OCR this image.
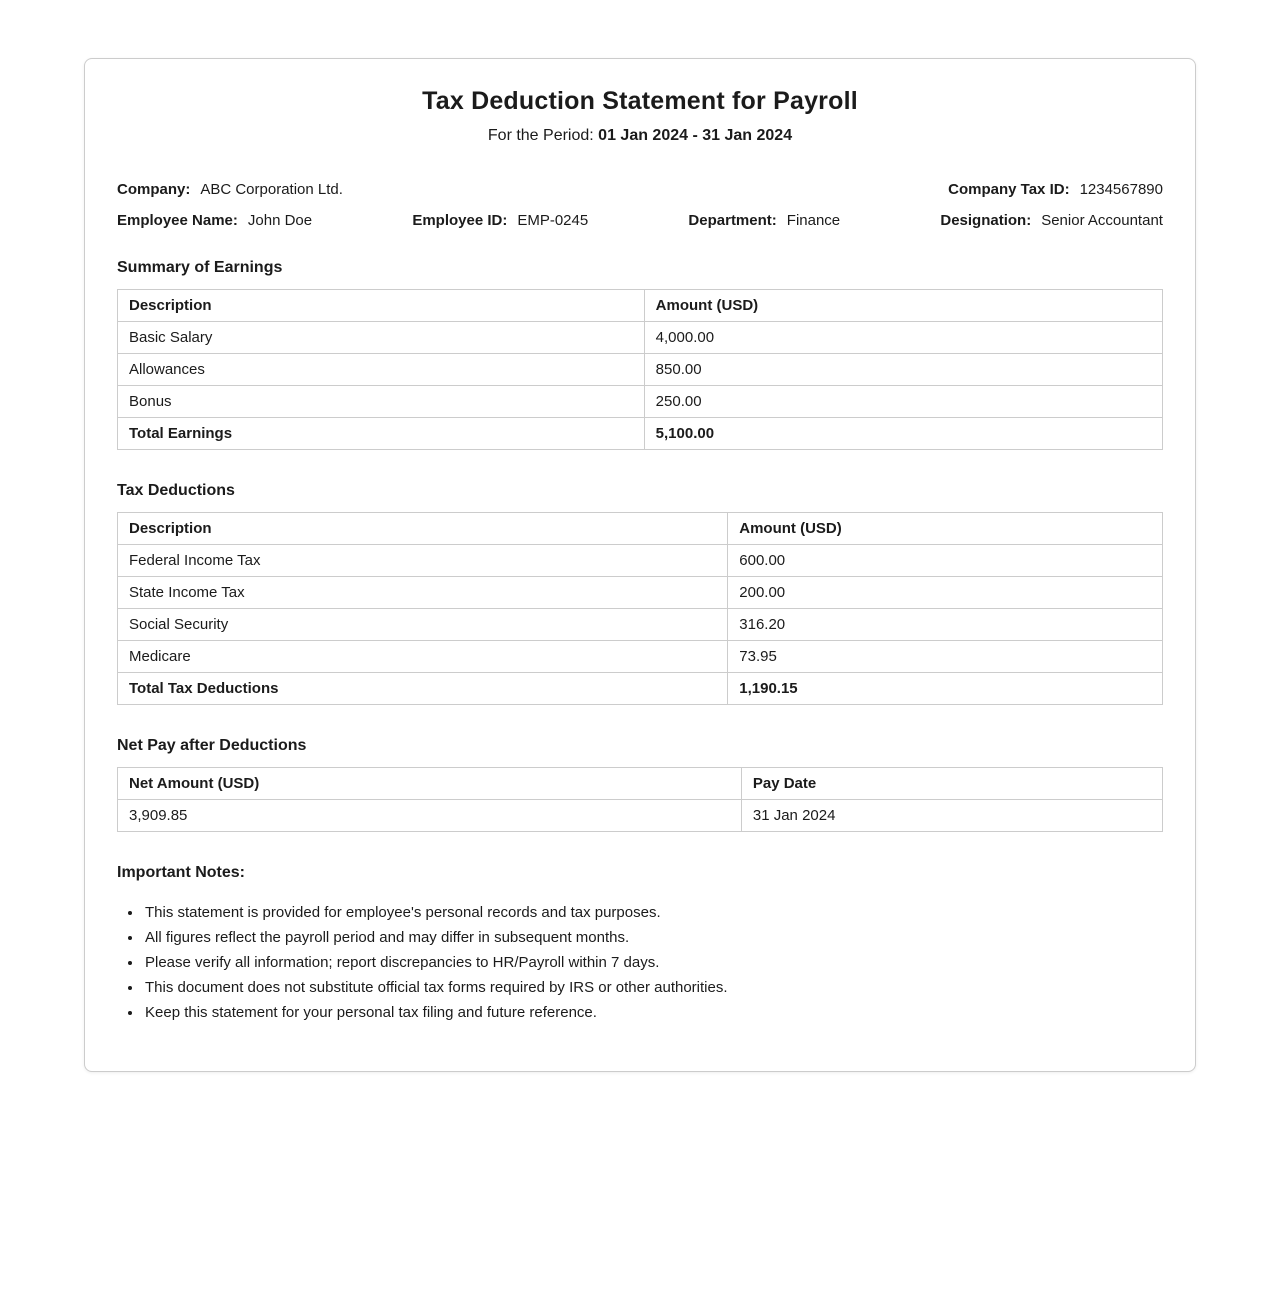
Tax Deduction Statement for Payroll
For the Period: 01 Jan 2024 - 31 Jan 2024
Company: ABC Corporation Ltd.	Company Tax ID: 1234567890
Employee Name: John Doe	Employee ID: EMP-0245	Department: Finance	Designation: Senior Accountant
Summary of Earnings
Description	Amount (USD)
Basic Salary	4,000.00
Allowances	850.00
Bonus	250.00
Total Earnings	5,100.00
Tax Deductions
Description	Amount (USD)
Federal Income Tax	600.00
State Income Tax	200.00
Social Security	316.20
Medicare	73.95
Total Tax Deductions	1,190.15
Net Pay after Deductions
Net Amount (USD)	Pay Date
3,909.85	31 Jan 2024
Important Notes:
• This statement is provided for employee's personal records and tax purposes.
• All figures reflect the payroll period and may differ in subsequent months.
• Please verify all information; report discrepancies to HR/Payroll within 7 days.
• This document does not substitute official tax forms required by IRS or other authorities.
• Keep this statement for your personal tax filing and future reference.
